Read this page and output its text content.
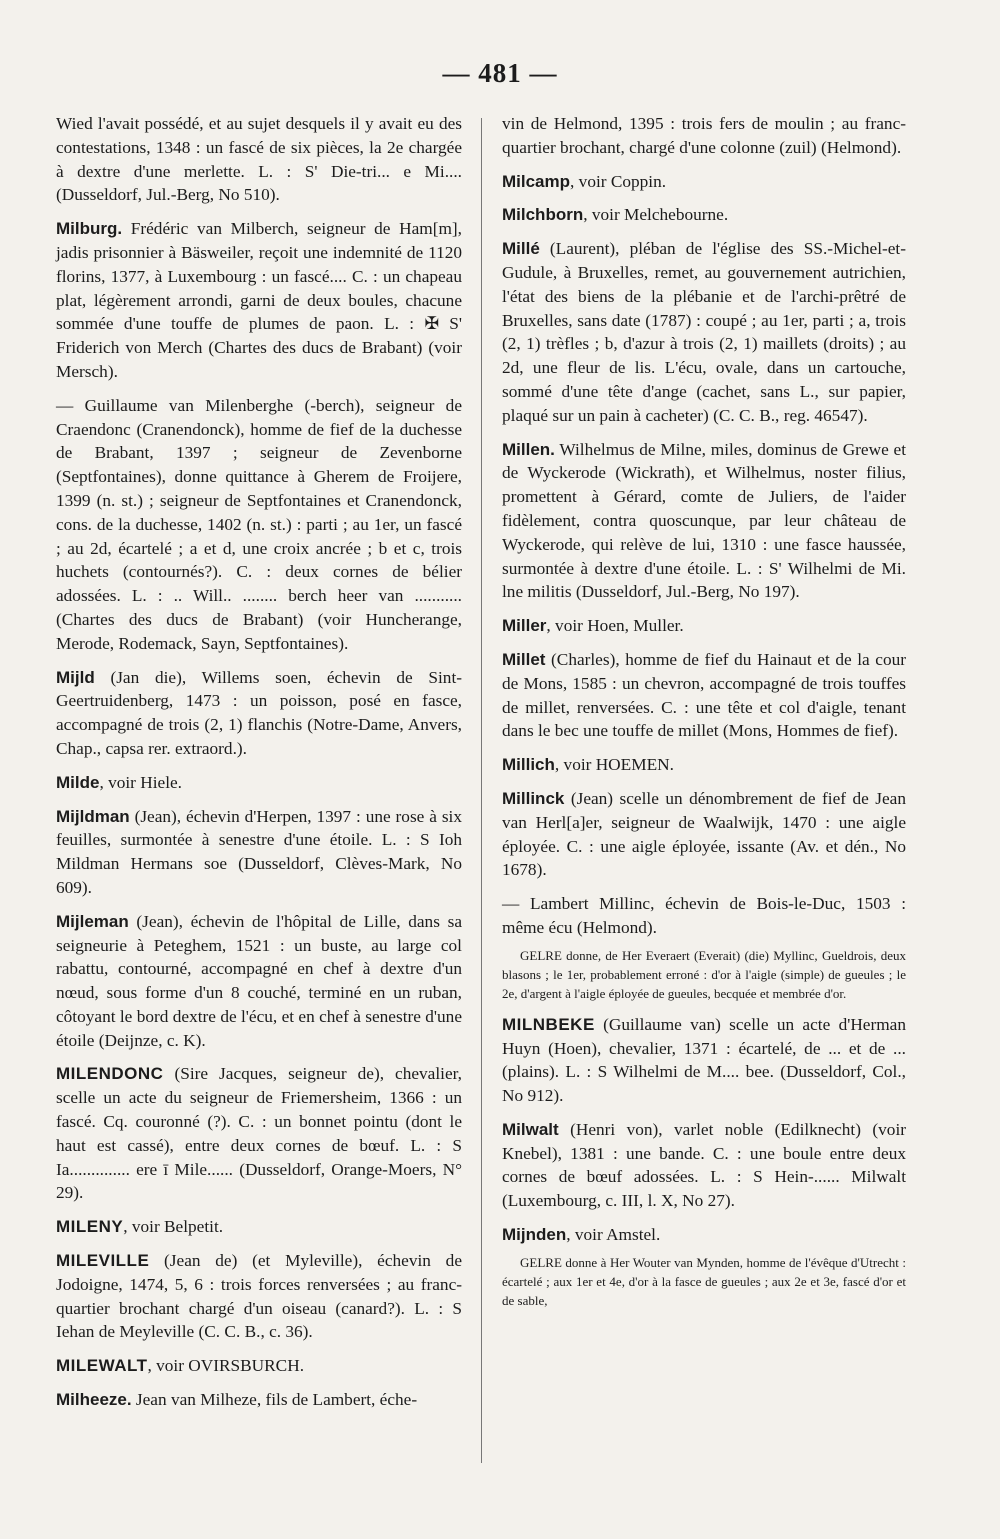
— 481 —

Wied l'avait possédé, et au sujet desquels il y avait eu des contestations, 1348 : un fascé de six pièces, la 2e chargée à dextre d'une merlette. L. : S' Die-tri... e Mi.... (Dusseldorf, Jul.-Berg, No 510).

Milburg. Frédéric van Milberch, seigneur de Ham[m], jadis prisonnier à Bäsweiler, reçoit une indemnité de 1120 florins, 1377, à Luxembourg : un fascé.... C. : un chapeau plat, légèrement arrondi, garni de deux boules, chacune sommée d'une touffe de plumes de paon. L. : ✠ S' Friderich von Merch (Chartes des ducs de Brabant) (voir Mersch).

— Guillaume van Milenberghe (-berch), seigneur de Craendonc (Cranendonck), homme de fief de la duchesse de Brabant, 1397 ; seigneur de Zevenborne (Septfontaines), donne quittance à Gherem de Froijere, 1399 (n. st.) ; seigneur de Septfontaines et Cranendonck, cons. de la duchesse, 1402 (n. st.) : parti ; au 1er, un fascé ; au 2d, écartelé ; a et d, une croix ancrée ; b et c, trois huchets (contournés?). C. : deux cornes de bélier adossées. L. : .. Will.. ........ berch heer van ........... (Chartes des ducs de Brabant) (voir Huncherange, Merode, Rodemack, Sayn, Septfontaines).

Mijld (Jan die), Willems soen, échevin de Sint-Geertruidenberg, 1473 : un poisson, posé en fasce, accompagné de trois (2, 1) flanchis (Notre-Dame, Anvers, Chap., capsa rer. extraord.).

Milde, voir Hiele.

Mijldman (Jean), échevin d'Herpen, 1397 : une rose à six feuilles, surmontée à senestre d'une étoile. L. : S Ioh Mildman Hermans soe (Dusseldorf, Clèves-Mark, No 609).

Mijleman (Jean), échevin de l'hôpital de Lille, dans sa seigneurie à Peteghem, 1521 : un buste, au large col rabattu, contourné, accompagné en chef à dextre d'un nœud, sous forme d'un 8 couché, terminé en un ruban, côtoyant le bord dextre de l'écu, et en chef à senestre d'une étoile (Deijnze, c. K).

MILENDONC (Sire Jacques, seigneur de), chevalier, scelle un acte du seigneur de Friemersheim, 1366 : un fascé. Cq. couronné (?). C. : un bonnet pointu (dont le haut est cassé), entre deux cornes de bœuf. L. : S Ia.............. ere ī Mile...... (Dusseldorf, Orange-Moers, N° 29).

MILENY, voir Belpetit.

MILEVILLE (Jean de) (et Mylevillе), échevin de Jodoigne, 1474, 5, 6 : trois forces renversées ; au franc-quartier brochant chargé d'un oiseau (canard?). L. : S Iehan de Meyleville (C. C. B., c. 36).

MILEWALT, voir OVIRSBURCH.

Milheeze. Jean van Milheze, fils de Lambert, éche-

vin de Helmond, 1395 : trois fers de moulin ; au franc-quartier brochant, chargé d'une colonne (zuil) (Helmond).

Milcamp, voir Coppin.

Milchborn, voir Melchebourne.

Millé (Laurent), pléban de l'église des SS.-Michel-et-Gudule, à Bruxelles, remet, au gouvernement autrichien, l'état des biens de la plébanie et de l'archi-prêtré de Bruxelles, sans date (1787) : coupé ; au 1er, parti ; a, trois (2, 1) trèfles ; b, d'azur à trois (2, 1) maillets (droits) ; au 2d, une fleur de lis. L'écu, ovale, dans un cartouche, sommé d'une tête d'ange (cachet, sans L., sur papier, plaqué sur un pain à cacheter) (C. C. B., reg. 46547).

Millen. Wilhelmus de Milne, miles, dominus de Grewe et de Wyckerode (Wickrath), et Wilhelmus, noster filius, promettent à Gérard, comte de Juliers, de l'aider fidèlement, contra quoscunque, par leur château de Wyckerode, qui relève de lui, 1310 : une fasce haussée, surmontée à dextre d'une étoile. L. : S' Wilhelmi de Mi. lne militis (Dusseldorf, Jul.-Berg, No 197).

Miller, voir Hoen, Muller.

Millet (Charles), homme de fief du Hainaut et de la cour de Mons, 1585 : un chevron, accompagné de trois touffes de millet, renversées. C. : une tête et col d'aigle, tenant dans le bec une touffe de millet (Mons, Hommes de fief).

Millich, voir HOEMEN.

Millinck (Jean) scelle un dénombrement de fief de Jean van Herl[a]er, seigneur de Waalwijk, 1470 : une aigle éployée. C. : une aigle éployée, issante (Av. et dén., No 1678).

— Lambert Millinc, échevin de Bois-le-Duc, 1503 : même écu (Helmond).

GELRE donne, de Her Everaert (Everait) (die) Myllinc, Gueldrois, deux blasons ; le 1er, probablement erroné : d'or à l'aigle (simple) de gueules ; le 2e, d'argent à l'aigle éployée de gueules, becquée et membrée d'or.

MILNBEKE (Guillaume van) scelle un acte d'Herman Huyn (Hoen), chevalier, 1371 : écartelé, de ... et de ... (plains). L. : S Wilhelmi de M.... bee. (Dusseldorf, Col., No 912).

Milwalt (Henri von), varlet noble (Edilknecht) (voir Knebel), 1381 : une bande. C. : une boule entre deux cornes de bœuf adossées. L. : S Hein-...... Milwalt (Luxembourg, c. III, l. X, No 27).

Mijnden, voir Amstel.

GELRE donne à Her Wouter van Mynden, homme de l'évêque d'Utrecht : écartelé ; aux 1er et 4e, d'or à la fasce de gueules ; aux 2e et 3e, fascé d'or et de sable,
